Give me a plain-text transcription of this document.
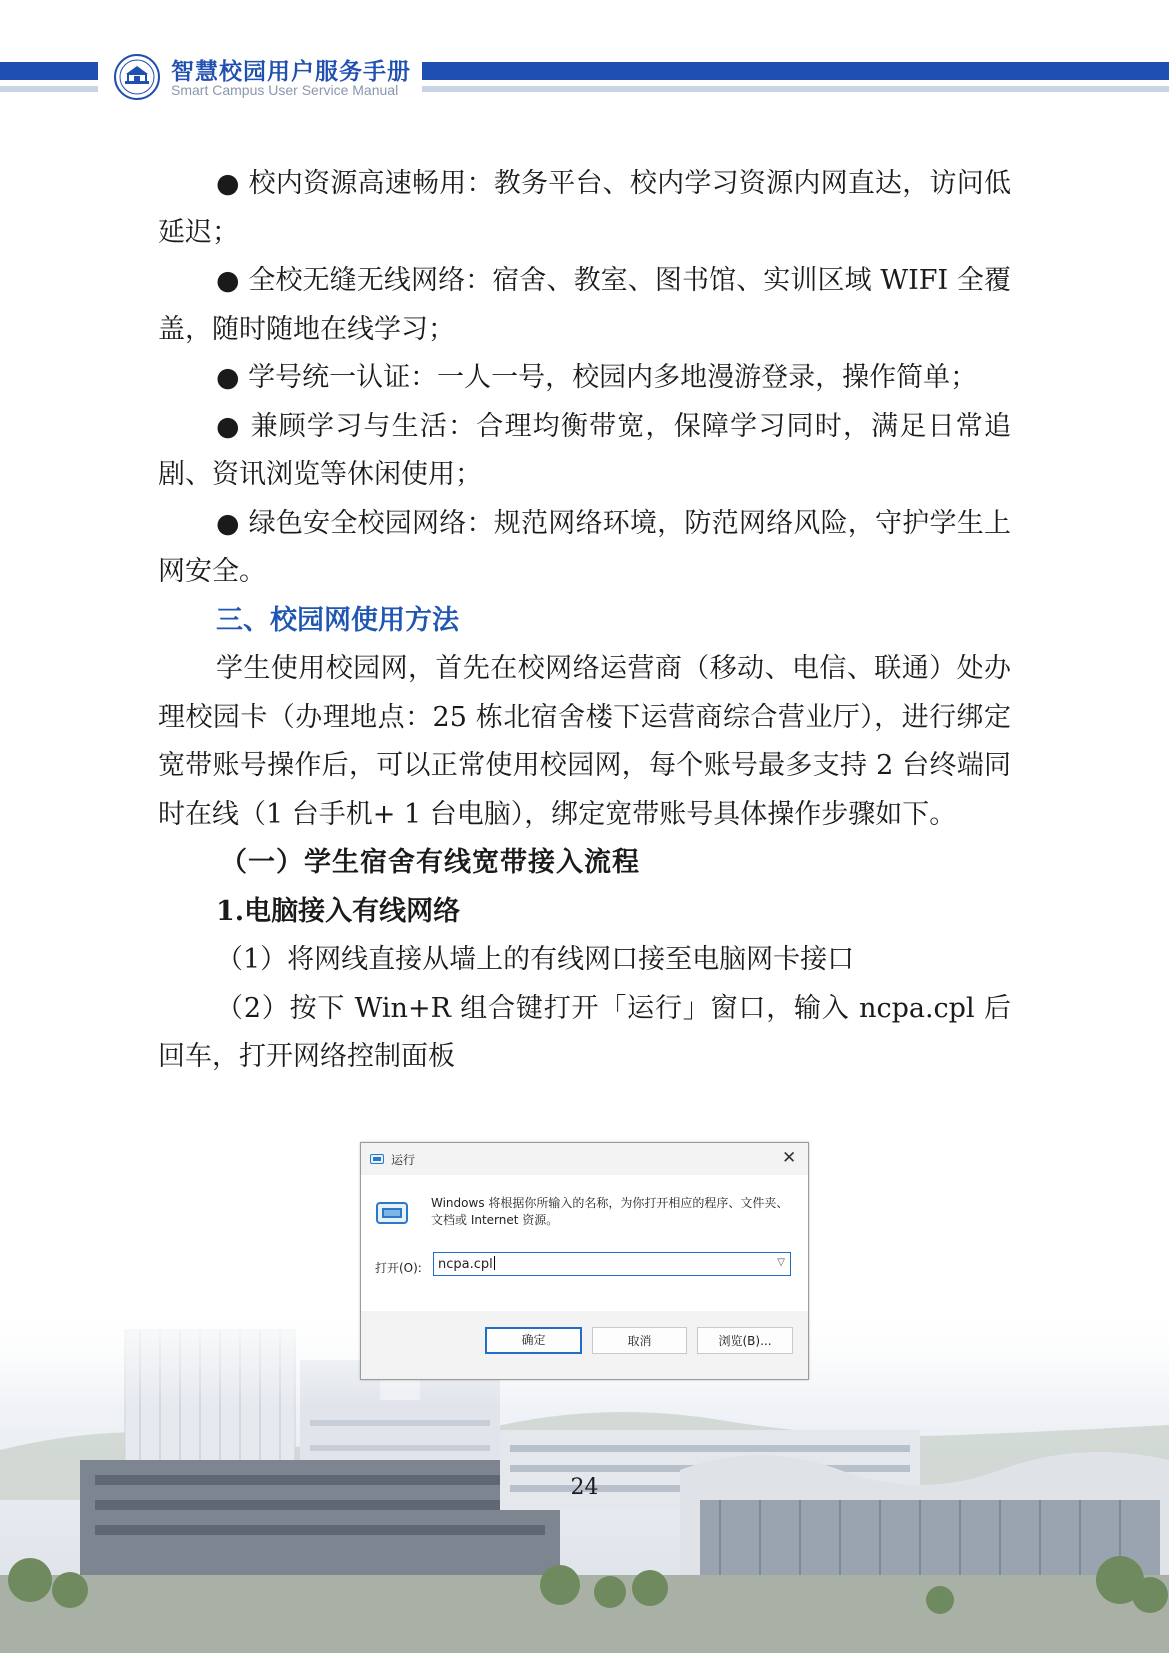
智慧校园用户服务手册
Smart Campus User Service Manual

● 校内资源高速畅用：教务平台、校内学习资源内网直达，访问低延迟；

● 全校无缝无线网络：宿舍、教室、图书馆、实训区域 WIFI 全覆盖，随时随地在线学习；

● 学号统一认证：一人一号，校园内多地漫游登录，操作简单；

● 兼顾学习与生活：合理均衡带宽，保障学习同时，满足日常追剧、资讯浏览等休闲使用；

● 绿色安全校园网络：规范网络环境，防范网络风险，守护学生上网安全。

三、校园网使用方法

学生使用校园网，首先在校网络运营商（移动、电信、联通）处办理校园卡（办理地点：25 栋北宿舍楼下运营商综合营业厅），进行绑定宽带账号操作后，可以正常使用校园网，每个账号最多支持 2 台终端同时在线（1 台手机+ 1 台电脑），绑定宽带账号具体操作步骤如下。

（一）学生宿舍有线宽带接入流程

1.电脑接入有线网络

（1）将网线直接从墙上的有线网口接至电脑网卡接口

（2）按下 Win+R 组合键打开「运行」窗口，输入 ncpa.cpl 后回车，打开网络控制面板

24
运行	✕
Windows 将根据你所输入的名称，为你打开相应的程序、文件夹、文档或 Internet 资源。
打开(O): ncpa.cpl	▽
确定	取消	浏览(B)...
